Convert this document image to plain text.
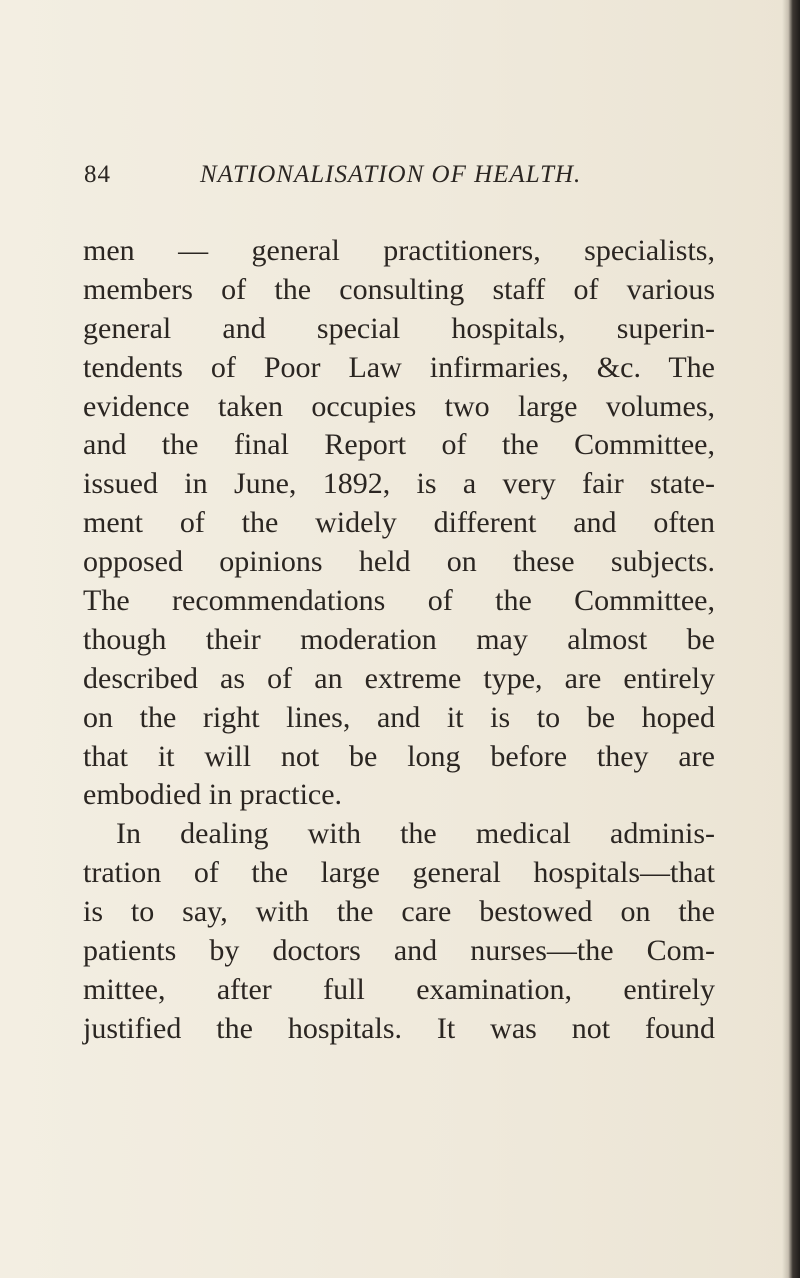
84	NATIONALISATION OF HEALTH.
men — general practitioners, specialists,
members of the consulting staff of various
general and special hospitals, superin-
tendents of Poor Law infirmaries, &c. The
evidence taken occupies two large volumes,
and the final Report of the Committee,
issued in June, 1892, is a very fair state-
ment of the widely different and often
opposed opinions held on these subjects.
The recommendations of the Committee,
though their moderation may almost be
described as of an extreme type, are entirely
on the right lines, and it is to be hoped
that it will not be long before they are
embodied in practice.
In dealing with the medical adminis-
tration of the large general hospitals—that
is to say, with the care bestowed on the
patients by doctors and nurses—the Com-
mittee, after full examination, entirely
justified the hospitals. It was not found
